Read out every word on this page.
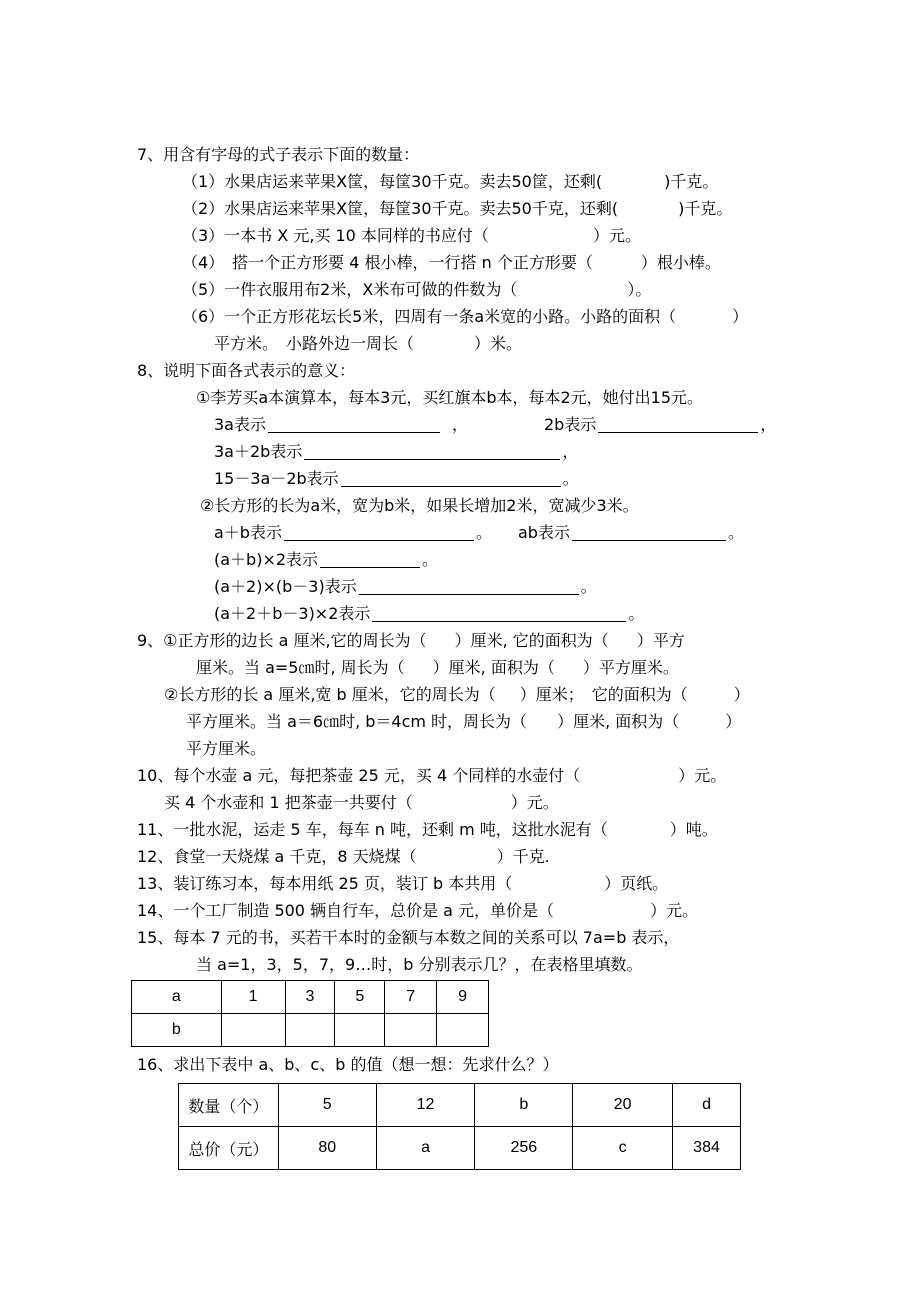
7、用含有字母的式子表示下面的数量：
（1）水果店运来苹果X筐，每筐30千克。卖去50筐，还剩(	)千克。
（2）水果店运来苹果X筐，每筐30千克。卖去50千克，还剩(	)千克。
（3）一本书 X 元,买 10 本同样的书应付（	）元。
（4）　搭一个正方形要 4 根小棒，一行搭 n 个正方形要（	）根小棒。
（5）一件衣服用布2米，X米布可做的件数为（	）。
（6）一个正方形花坛长5米，四周有一条a米宽的小路。小路的面积（	）
平方米。　小路外边一周长（	）米。
8、说明下面各式表示的意义：
①李芳买a本演算本，每本3元，买红旗本b本，每本2元，她付出15元。
3a表示	，	2b表示	，
3a＋2b表示	，
15－3a－2b表示	。
②长方形的长为a米，宽为b米，如果长增加2米，宽减少3米。
a＋b表示	。 ab表示	。
(a＋b)×2表示	。
(a＋2)×(b－3)表示	。
(a＋2＋b－3)×2表示	。
9、①正方形的边长 a 厘米,它的周长为（ ）厘米, 它的面积为（ ）平方
厘米。当 a=5㎝时, 周长为（ ）厘米, 面积为（ ）平方厘米。
②长方形的长 a 厘米,宽 b 厘米，它的周长为（ ）厘米；　它的面积为（	）
平方厘米。当 a＝6㎝时, b＝4cm 时，周长为（ ）厘米, 面积为（	）
平方厘米。
10、每个水壶 a 元，每把茶壶 25 元，买 4 个同样的水壶付（	）元。
买 4 个水壶和 1 把茶壶一共要付（	）元。
11、一批水泥，运走 5 车，每车 n 吨，还剩 m 吨，这批水泥有（	）吨。
12、食堂一天烧煤 a 千克，8 天烧煤（	）千克.
13、装订练习本，每本用纸 25 页，装订 b 本共用（	）页纸。
14、一个工厂制造 500 辆自行车，总价是 a 元，单价是（	）元。
15、每本 7 元的书，买若干本时的金额与本数之间的关系可以 7a=b 表示，
当 a=1，3，5，7，9…时，b 分别表示几？，在表格里填数。
a	1	3	5	7	9
b					
16、求出下表中 a、b、c、b 的值（想一想：先求什么？）
数量（个）	5	12	b	20	d
总价（元）	80	a	256	c	384
